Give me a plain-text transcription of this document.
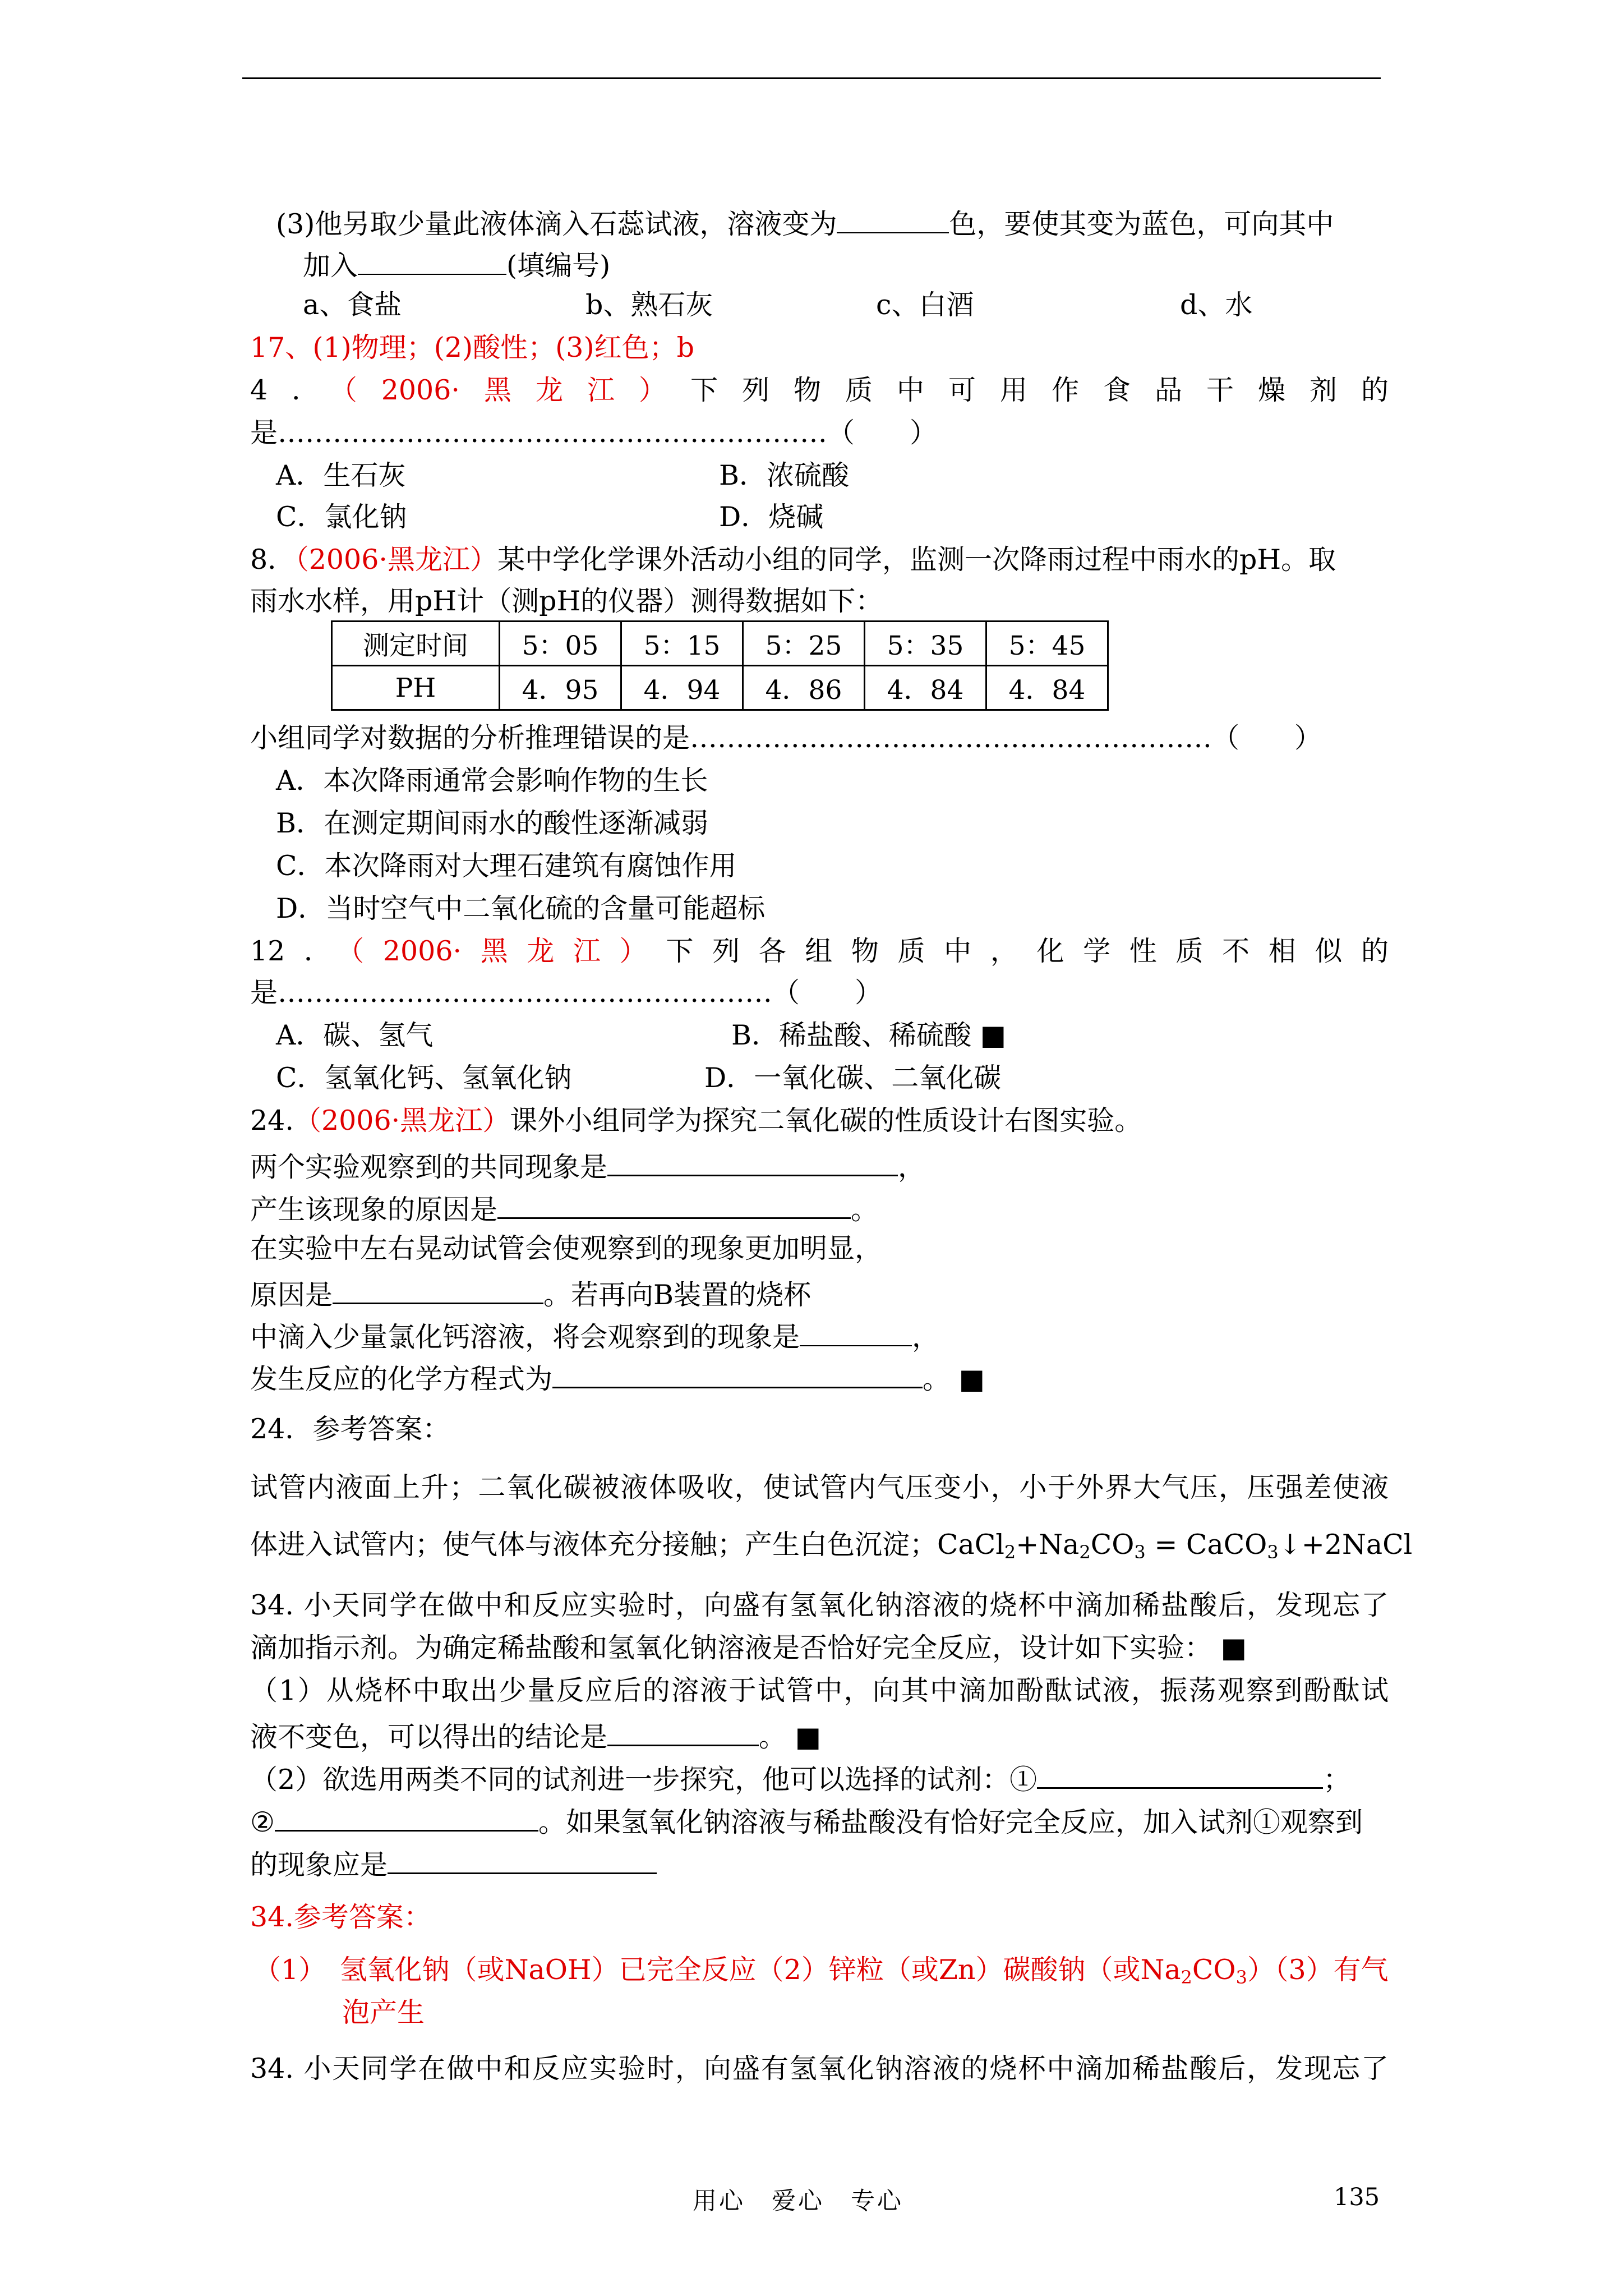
(3)他另取少量此液体滴入石蕊试液，溶液变为	色，要使其变为蓝色，可向其中
加入	(填编号)
a、食盐	b、熟石灰	c、白酒	d、水
17、(1)物理；(2)酸性；(3)红色；b
4．（2006·黑龙江）下列物质中可用作食品干燥剂的
是……………………………………………………（　　）
A．生石灰	B．浓硫酸
C．氯化钠	D．烧碱
8．（2006·黑龙江）某中学化学课外活动小组的同学，监测一次降雨过程中雨水的pH。取
雨水水样，用pH计（测pH的仪器）测得数据如下：
测定时间	5：05	5：15	5：25	5：35	5：45
PH	4．95	4．94	4．86	4．84	4．84
小组同学对数据的分析推理错误的是…………………………………………………（　　）
A．本次降雨通常会影响作物的生长
B．在测定期间雨水的酸性逐渐减弱
C．本次降雨对大理石建筑有腐蚀作用
D．当时空气中二氧化硫的含量可能超标
12．（2006·黑龙江）下列各组物质中，化学性质不相似的
是………………………………………………（　　）
A．碳、氢气	B．稀盐酸、稀硫酸 ■
C．氢氧化钙、氢氧化钠	D．一氧化碳、二氧化碳
24.（2006·黑龙江）课外小组同学为探究二氧化碳的性质设计右图实验。
两个实验观察到的共同现象是	，
产生该现象的原因是	。
在实验中左右晃动试管会使观察到的现象更加明显，
原因是	。若再向B装置的烧杯
中滴入少量氯化钙溶液，将会观察到的现象是	，
发生反应的化学方程式为	。 ■
24．参考答案：
试管内液面上升；二氧化碳被液体吸收，使试管内气压变小，小于外界大气压，压强差使液
体进入试管内；使气体与液体充分接触；产生白色沉淀；$CaCl_2+Na_2CO_3$ = CaCO$_3$↓+2NaCl
34. 小天同学在做中和反应实验时，向盛有氢氧化钠溶液的烧杯中滴加稀盐酸后，发现忘了
滴加指示剂。为确定稀盐酸和氢氧化钠溶液是否恰好完全反应，设计如下实验： ■
（1）从烧杯中取出少量反应后的溶液于试管中，向其中滴加酚酞试液，振荡观察到酚酞试
液不变色，可以得出的结论是	。 ■
（2）欲选用两类不同的试剂进一步探究，他可以选择的试剂：①	；
②	。如果氢氧化钠溶液与稀盐酸没有恰好完全反应，加入试剂①观察到
的现象应是
34.参考答案：
（1）　氢氧化钠（或NaOH）已完全反应（2）锌粒（或Zn）碳酸钠（或$Na_2CO_3)(3)$有气
泡产生
34. 小天同学在做中和反应实验时，向盛有氢氧化钠溶液的烧杯中滴加稀盐酸后，发现忘了
用心　爱心　专心	135
